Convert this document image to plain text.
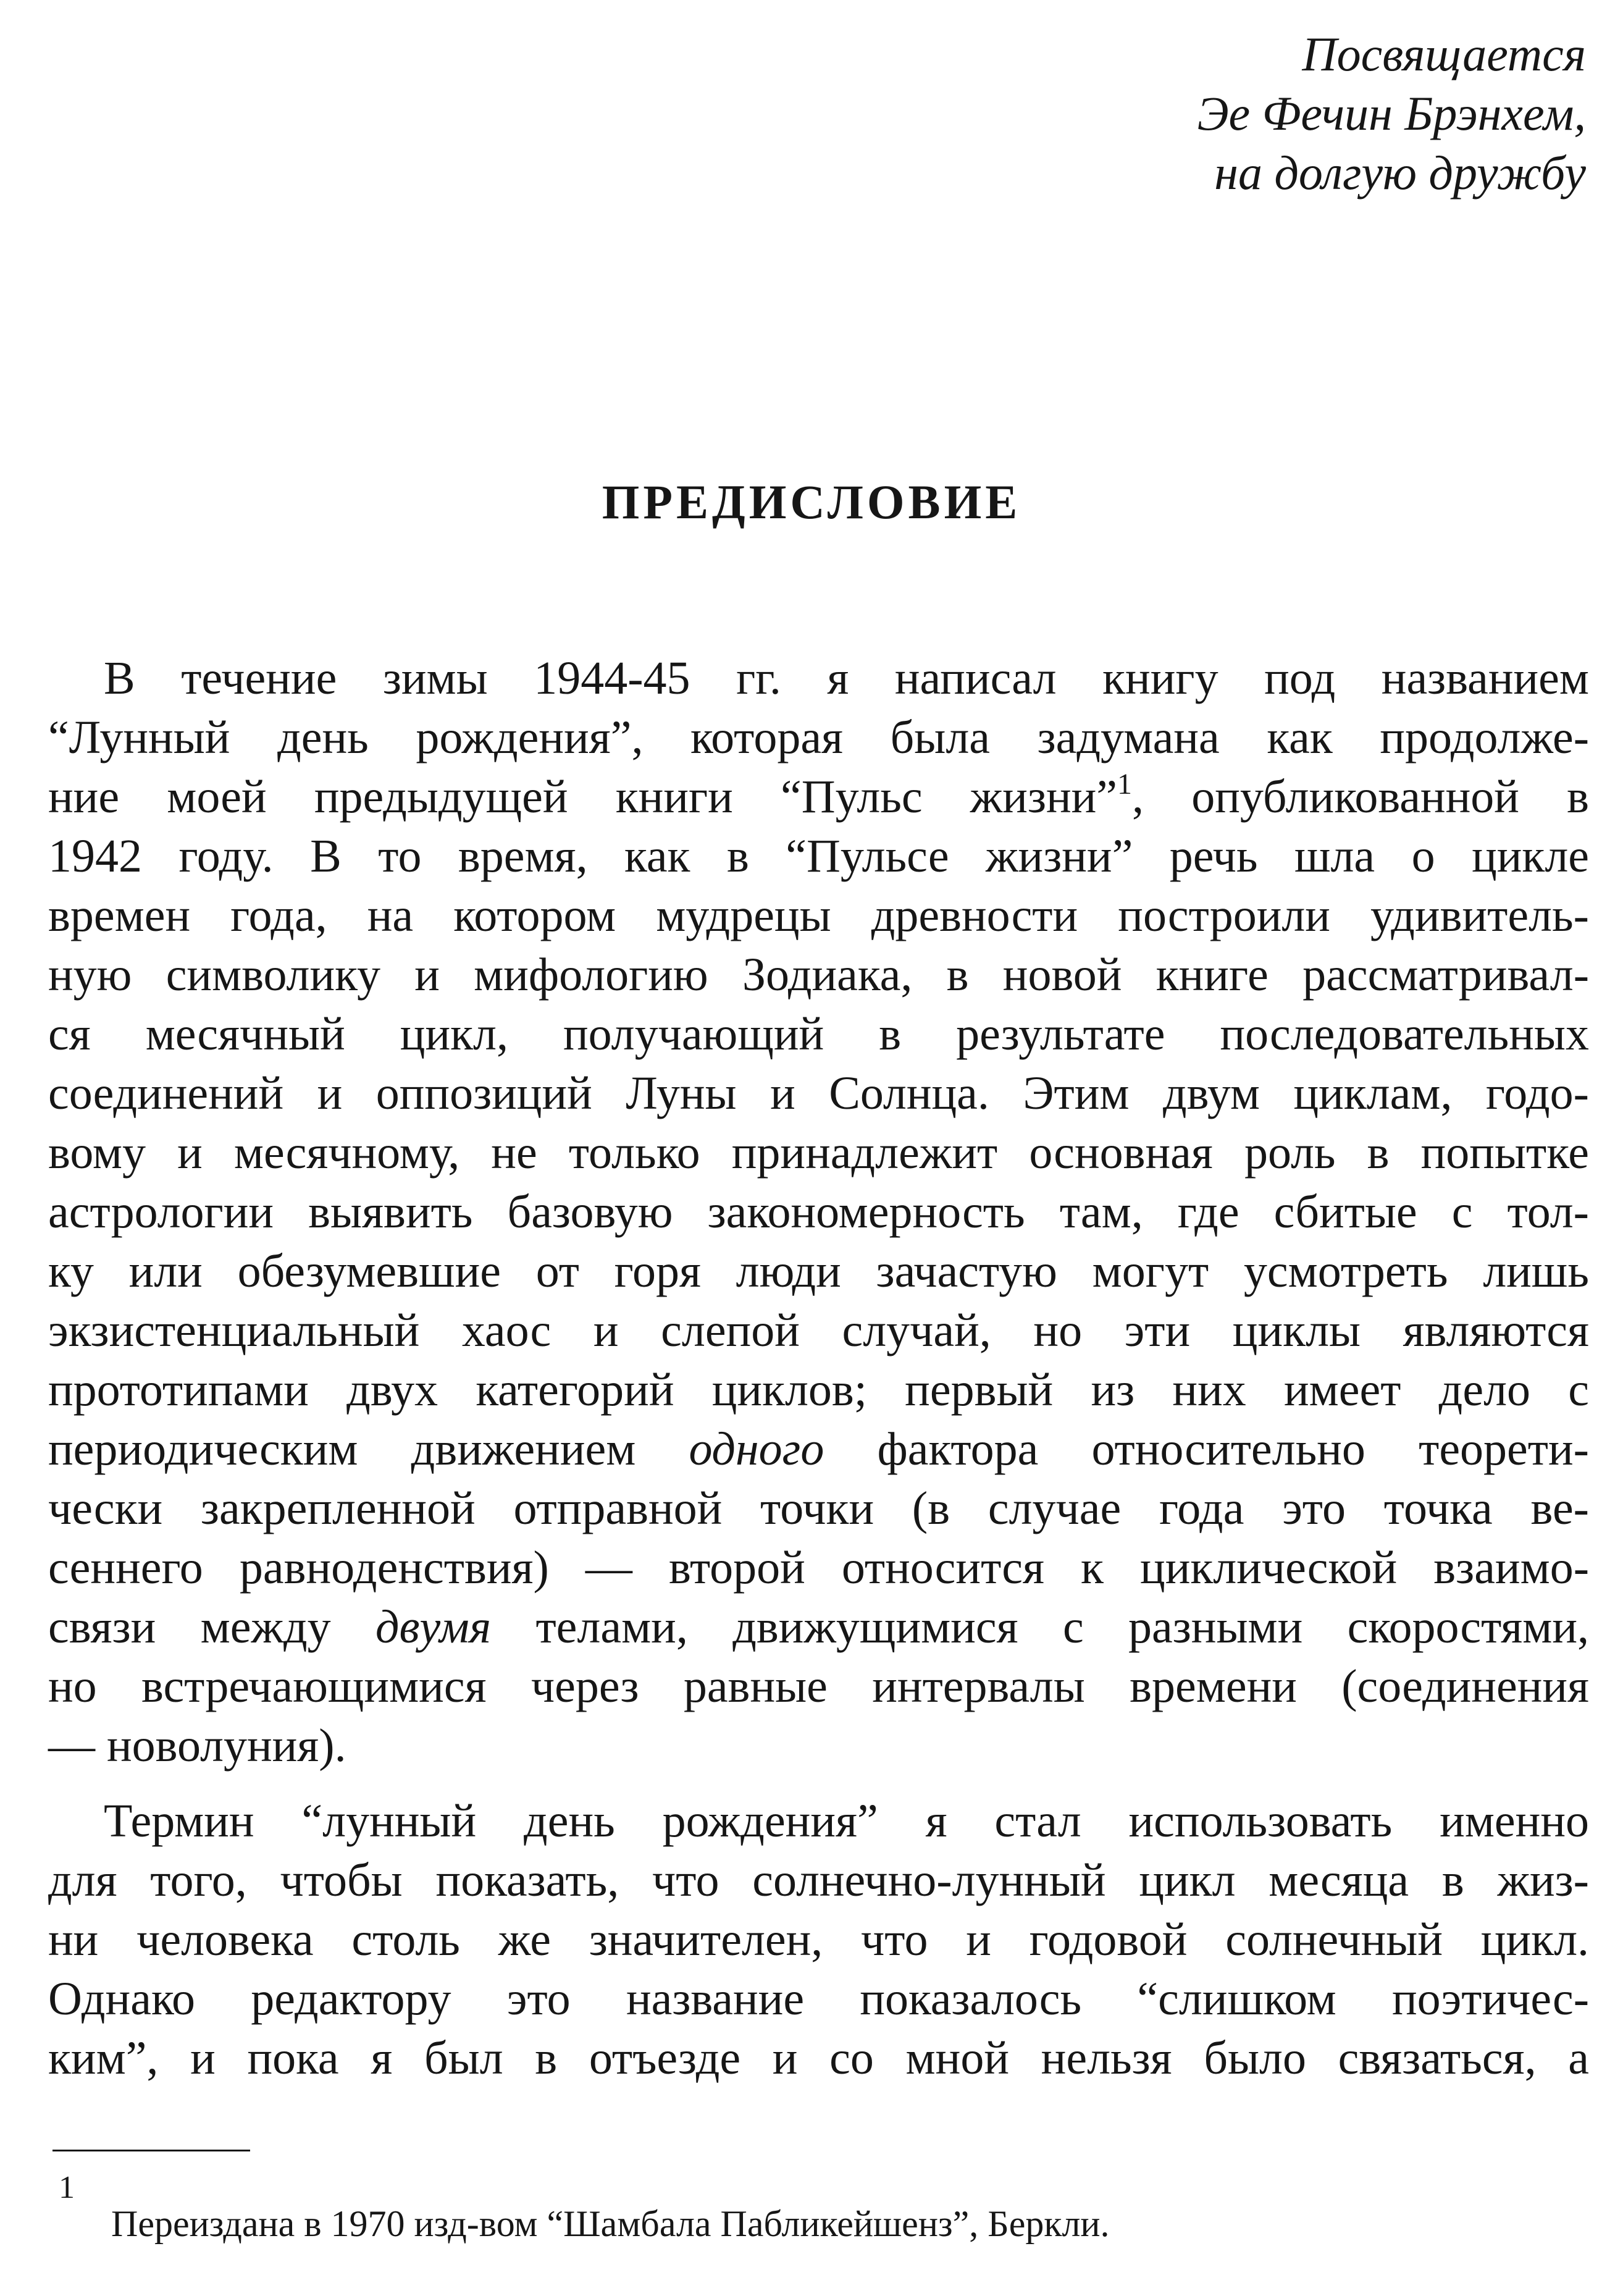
Посвящается
Эе Фечин Брэнхем,
на долгую дружбу
ПРЕДИСЛОВИЕ
В течение зимы 1944-45 гг. я написал книгу под названием
“Лунный день рождения”, которая была задумана как продолже-
ние моей предыдущей книги “Пульс жизни”$^1$, опубликованной в
1942 году. В то время, как в “Пульсе жизни” речь шла о цикле
времен года, на котором мудрецы древности построили удивитель-
ную символику и мифологию Зодиака, в новой книге рассматривал-
ся месячный цикл, получающий в результате последовательных
соединений и оппозиций Луны и Солнца. Этим двум циклам, годо-
вому и месячному, не только принадлежит основная роль в попытке
астрологии выявить базовую закономерность там, где сбитые с тол-
ку или обезумевшие от горя люди зачастую могут усмотреть лишь
экзистенциальный хаос и слепой случай, но эти циклы являются
прототипами двух категорий циклов; первый из них имеет дело с
периодическим движением одного фактора относительно теорети-
чески закрепленной отправной точки (в случае года это точка ве-
сеннего равноденствия) — второй относится к циклической взаимо-
связи между двумя телами, движущимися с разными скоростями,
но встречающимися через равные интервалы времени (соединения
— новолуния).
Термин “лунный день рождения” я стал использовать именно
для того, чтобы показать, что солнечно-лунный цикл месяца в жиз-
ни человека столь же значителен, что и годовой солнечный цикл.
Однако редактору это название показалось “слишком поэтичес-
ким”, и пока я был в отъезде и со мной нельзя было связаться, а
1
Переиздана в 1970 изд-вом “Шамбала Пабликейшенз”, Беркли.
